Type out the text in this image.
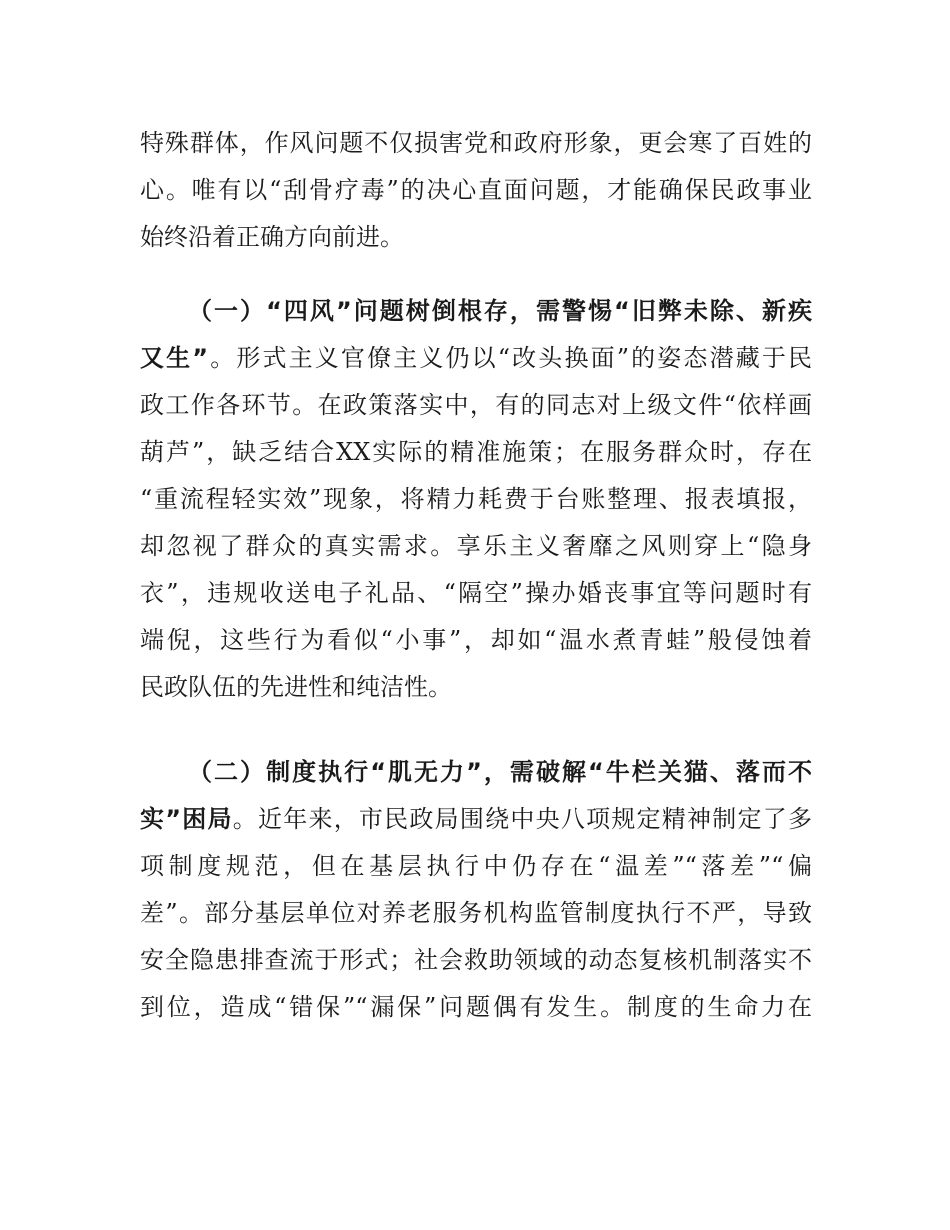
特殊群体，作风问题不仅损害党和政府形象，更会寒了百姓的
心。唯有以“刮骨疗毒”的决心直面问题，才能确保民政事业
始终沿着正确方向前进。
（一）“四风”问题树倒根存，需警惕“旧弊未除、新疾
又生”。形式主义官僚主义仍以“改头换面”的姿态潜藏于民
政工作各环节。在政策落实中，有的同志对上级文件“依样画
葫芦”，缺乏结合XX实际的精准施策；在服务群众时，存在
“重流程轻实效”现象，将精力耗费于台账整理、报表填报，
却忽视了群众的真实需求。享乐主义奢靡之风则穿上“隐身
衣”，违规收送电子礼品、“隔空”操办婚丧事宜等问题时有
端倪，这些行为看似“小事”，却如“温水煮青蛙”般侵蚀着
民政队伍的先进性和纯洁性。
（二）制度执行“肌无力”，需破解“牛栏关猫、落而不
实”困局。近年来，市民政局围绕中央八项规定精神制定了多
项制度规范，但在基层执行中仍存在“温差”“落差”“偏
差”。部分基层单位对养老服务机构监管制度执行不严，导致
安全隐患排查流于形式；社会救助领域的动态复核机制落实不
到位，造成“错保”“漏保”问题偶有发生。制度的生命力在
